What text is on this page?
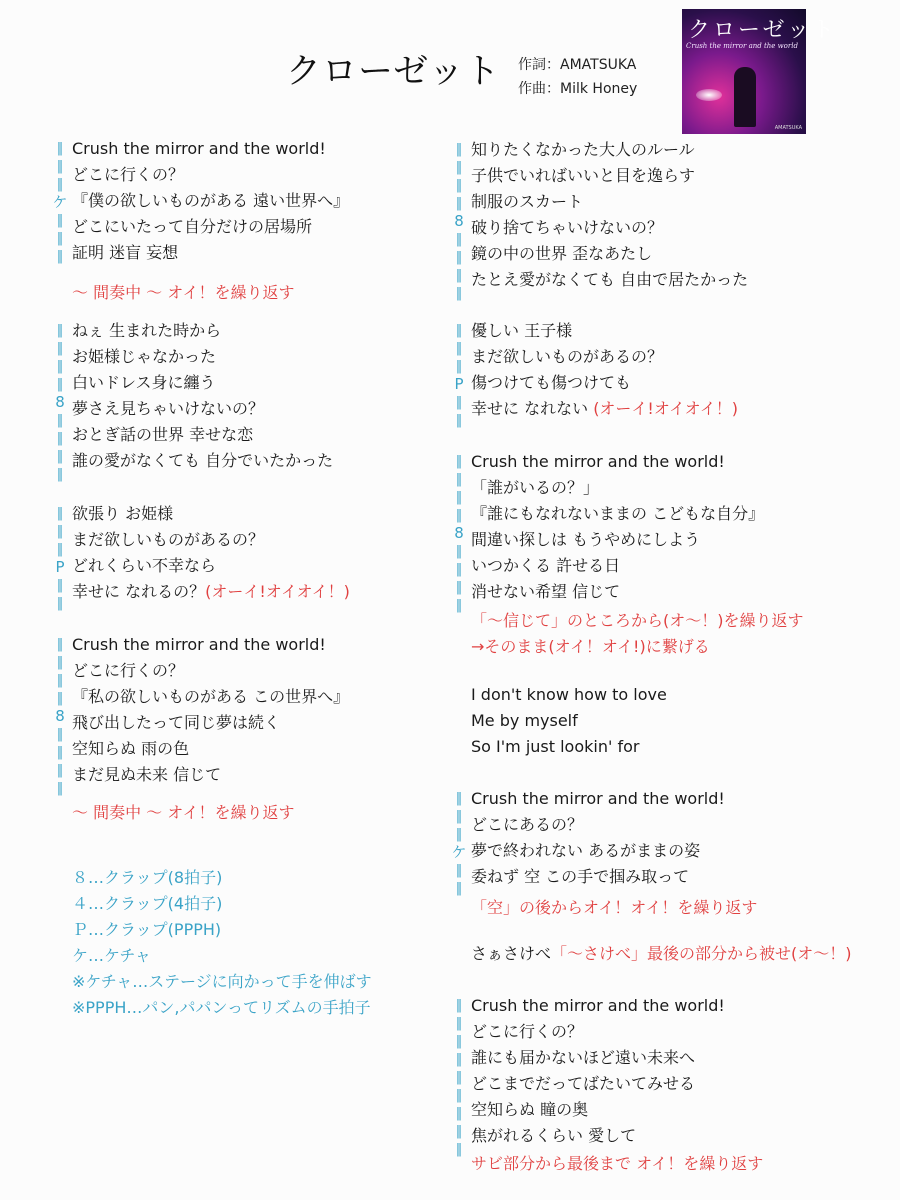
クローゼット 作詞：AMATSUKA
作曲：Milk Honey
クローゼット
Crush the mirror and the world
AMATSUKA
‖
‖
‖
ケ
‖
‖
‖
Crush the mirror and the world!
どこに行くの？
『僕の欲しいものがある 遠い世界へ』
どこにいたって自分だけの居場所
証明 迷盲 妄想
〜 間奏中 〜 オイ！を繰り返す
‖
‖
‖
‖
8
‖
‖
‖
‖
ねぇ 生まれた時から
お姫様じゃなかった
白いドレス身に纏う
夢さえ見ちゃいけないの？
おとぎ話の世界 幸せな恋
誰の愛がなくても 自分でいたかった
‖
‖
‖
P
‖
‖
欲張り お姫様
まだ欲しいものがあるの？
どれくらい不幸なら
幸せに なれるの？(オーイ!オイオイ！)
‖
‖
‖
‖
8
‖
‖
‖
‖
Crush the mirror and the world!
どこに行くの？
『私の欲しいものがある この世界へ』
飛び出したって同じ夢は続く
空知らぬ 雨の色
まだ見ぬ未来 信じて
〜 間奏中 〜 オイ！を繰り返す
８…クラップ(8拍子)
４…クラップ(4拍子)
Ｐ…クラップ(PPPH)
ケ…ケチャ
※ケチャ…ステージに向かって手を伸ばす
※PPPH…パン,パパンってリズムの手拍子
‖
‖
‖
‖
8
‖
‖
‖
‖
知りたくなかった大人のルール
子供でいればいいと目を逸らす
制服のスカート
破り捨てちゃいけないの？
鏡の中の世界 歪なあたし
たとえ愛がなくても 自由で居たかった
‖
‖
‖
P
‖
‖
優しい 王子様
まだ欲しいものがあるの？
傷つけても傷つけても
幸せに なれない (オーイ!オイオイ！)
‖
‖
‖
‖
8
‖
‖
‖
‖
Crush the mirror and the world!
「誰がいるの？」
『誰にもなれないままの こどもな自分』
間違い探しは もうやめにしよう
いつかくる 許せる日
消せない希望 信じて
「〜信じて」のところから(オ〜！)を繰り返す
→そのまま(オイ！オイ!)に繋げる
I don't know how to love
Me by myself
So I'm just lookin' for
‖
‖
‖
ケ
‖
‖
Crush the mirror and the world!
どこにあるの？
夢で終われない あるがままの姿
委ねず 空 この手で掴み取って
「空」の後からオイ！オイ！を繰り返す
さぁさけべ「〜さけべ」最後の部分から被せ(オ〜！)
‖
‖
‖
‖
‖
‖
‖
‖
‖
Crush the mirror and the world!
どこに行くの？
誰にも届かないほど遠い未来へ
どこまでだってばたいてみせる
空知らぬ 瞳の奥
焦がれるくらい 愛して
サビ部分から最後まで オイ！を繰り返す
